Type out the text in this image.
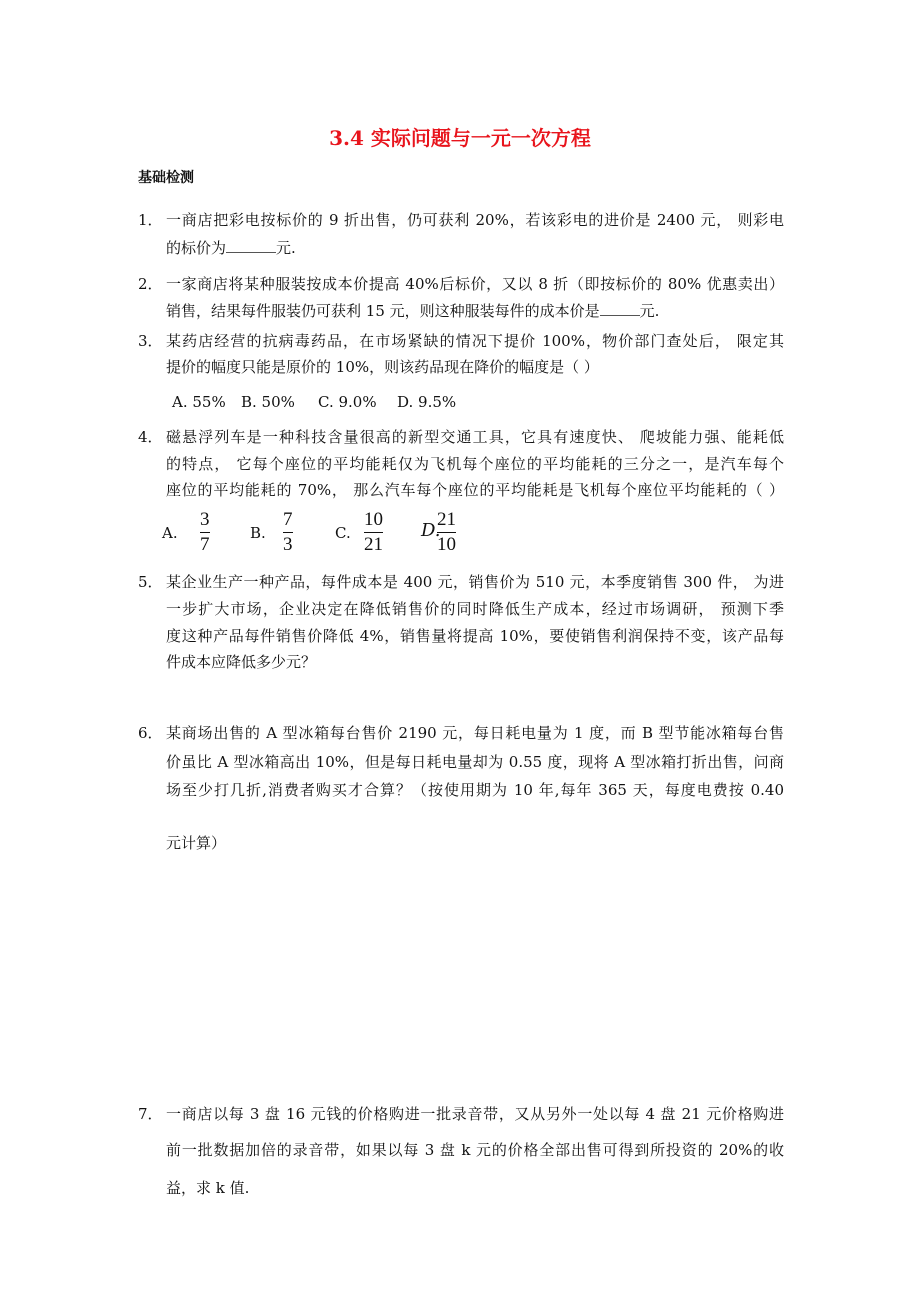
3.4 实际问题与一元一次方程
基础检测
1． 一商店把彩电按标价的 9 折出售，仍可获利 20%，若该彩电的进价是 2400 元， 则彩电
的标价为	元.
2． 一家商店将某种服装按成本价提高 40%后标价，又以 8 折（即按标价的 80% 优惠卖出）
销售，结果每件服装仍可获利 15 元，则这种服装每件的成本价是	元.
3． 某药店经营的抗病毒药品，在市场紧缺的情况下提价 100%，物价部门查处后， 限定其
提价的幅度只能是原价的 10%，则该药品现在降价的幅度是（ ）
A. 55% B. 50% C. 9.0% D. 9.5%
4． 磁悬浮列车是一种科技含量很高的新型交通工具，它具有速度快、 爬坡能力强、能耗低
的特点， 它每个座位的平均能耗仅为飞机每个座位的平均能耗的三分之一，是汽车每个
座位的平均能耗的 70%， 那么汽车每个座位的平均能耗是飞机每个座位平均能耗的（ ）
A.
3
7
B.
7
3
C.
10
21
D.
21
10
5． 某企业生产一种产品，每件成本是 400 元，销售价为 510 元，本季度销售 300 件， 为进
一步扩大市场，企业决定在降低销售价的同时降低生产成本，经过市场调研， 预测下季
度这种产品每件销售价降低 4%，销售量将提高 10%，要使销售利润保持不变，该产品每
件成本应降低多少元？
6． 某商场出售的 A 型冰箱每台售价 2190 元，每日耗电量为 1 度，而 B 型节能冰箱每台售
价虽比 A 型冰箱高出 10%，但是每日耗电量却为 0.55 度，现将 A 型冰箱打折出售，问商
场至少打几折,消费者购买才合算？（按使用期为 10 年,每年 365 天，每度电费按 0.40
元计算）
7． 一商店以每 3 盘 16 元钱的价格购进一批录音带，又从另外一处以每 4 盘 21 元价格购进
前一批数据加倍的录音带，如果以每 3 盘 k 元的价格全部出售可得到所投资的 20%的收
益，求 k 值.
